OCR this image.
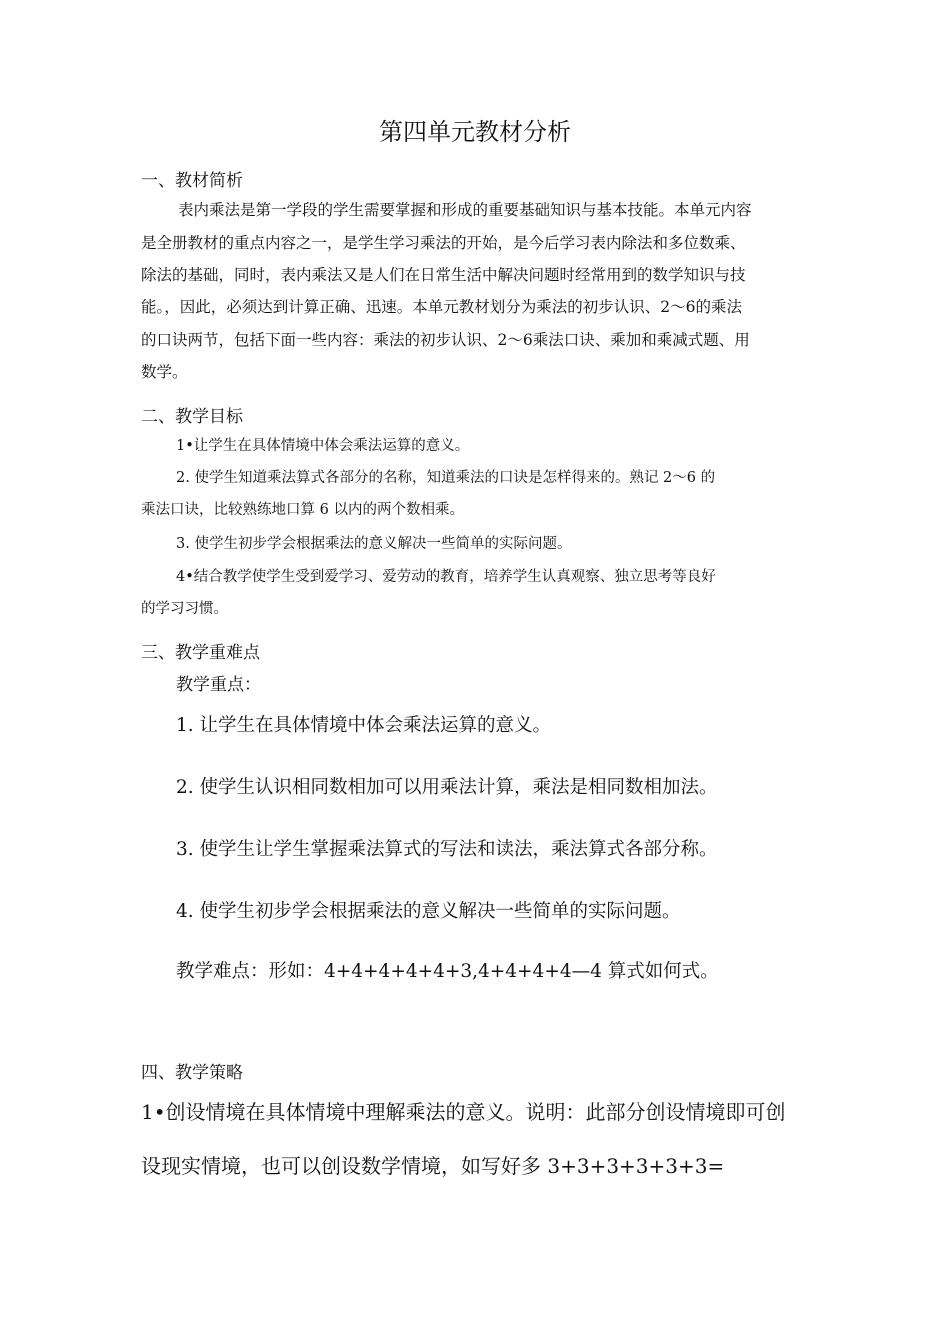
第四单元教材分析
一、教材简析
表内乘法是第一学段的学生需要掌握和形成的重要基础知识与基本技能。本单元内容
是全册教材的重点内容之一，是学生学习乘法的开始，是今后学习表内除法和多位数乘、
除法的基础，同时，表内乘法又是人们在日常生活中解决问题时经常用到的数学知识与技
能。，因此，必须达到计算正确、迅速。本单元教材划分为乘法的初步认识、2〜6的乘法
的口诀两节，包括下面一些内容：乘法的初步认识、2〜6乘法口诀、乘加和乘减式题、用
数学。
二、教学目标
1•让学生在具体情境中体会乘法运算的意义。
2. 使学生知道乘法算式各部分的名称，知道乘法的口诀是怎样得来的。熟记 2〜6 的
乘法口诀，比较熟练地口算 6 以内的两个数相乘。
3. 使学生初步学会根据乘法的意义解决一些简单的实际问题。
4•结合教学使学生受到爱学习、爱劳动的教育，培养学生认真观察、独立思考等良好
的学习习惯。
三、教学重难点
教学重点：
1. 让学生在具体情境中体会乘法运算的意义。
2. 使学生认识相同数相加可以用乘法计算，乘法是相同数相加法。
3. 使学生让学生掌握乘法算式的写法和读法，乘法算式各部分称。
4. 使学生初步学会根据乘法的意义解决一些简单的实际问题。
教学难点：形如：4+4+4+4+4+3,4+4+4+4—4 算式如何式。
四、教学策略
1•创设情境在具体情境中理解乘法的意义。说明：此部分创设情境即可创
设现实情境，也可以创设数学情境，如写好多 3+3+3+3+3+3=
